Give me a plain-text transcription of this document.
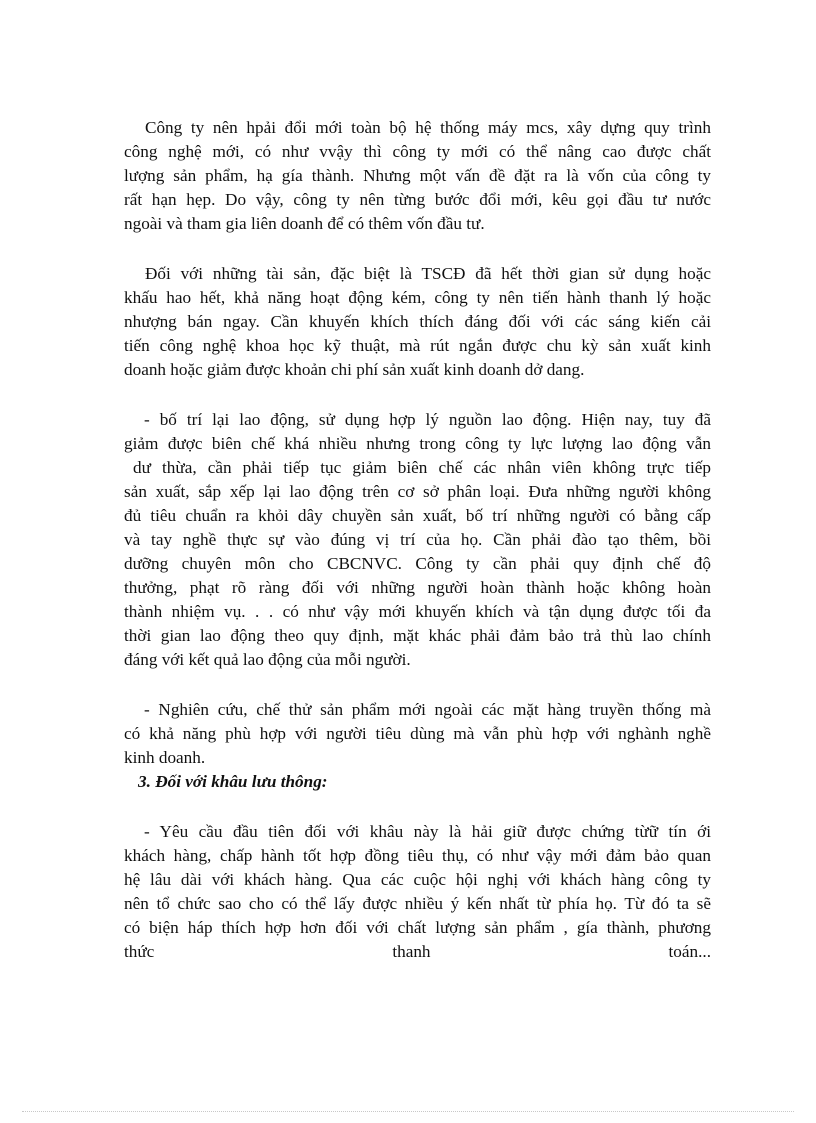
Công ty nên hpải đổi mới toàn bộ hệ thống máy mcs, xây dựng quy trình
công nghệ mới, có như vvậy thì công ty mới có thể nâng cao được chất
lượng sản phẩm, hạ gía thành. Nhưng một vấn đề đặt ra là vốn của công ty
rất hạn hẹp. Do vậy, công ty nên từng bước đổi mới, kêu gọi đầu tư nước
ngoài và tham gia liên doanh để có thêm vốn đầu tư.
Đối với những tài sản, đặc biệt là TSCĐ đã hết thời gian sử dụng hoặc
khấu hao hết, khả năng hoạt động kém, công ty nên tiến hành thanh lý hoặc
nhượng bán ngay. Cần khuyến khích thích đáng đối với các sáng kiến cải
tiến công nghệ khoa học kỹ thuật, mà rút ngắn được chu kỳ sản xuất kinh
doanh hoặc giảm được khoản chi phí sản xuất kinh doanh dở dang.
- bố trí lại lao động, sử dụng hợp lý nguồn lao động. Hiện nay, tuy đã
giảm được biên chế khá nhiều nhưng trong công ty lực lượng lao động vẫn
dư thừa, cần phải tiếp tục giảm biên chế các nhân viên không trực tiếp
sản xuất, sắp xếp lại lao động trên cơ sở phân loại. Đưa những người không
đủ tiêu chuẩn ra khỏi dây chuyền sản xuất, bố trí những người có bằng cấp
và tay nghề thực sự vào đúng vị trí của họ. Cần phải đào tạo thêm, bồi
dưỡng chuyên môn cho CBCNVC. Công ty cần phải quy định chế độ
thưởng, phạt rõ ràng đối với những người hoàn thành hoặc không hoàn
thành nhiệm vụ. . . có như vậy mới khuyến khích và tận dụng được tối đa
thời gian lao động theo quy định, mặt khác phải đảm bảo trả thù lao chính
đáng với kết quả lao động của mỗi người.
- Nghiên cứu, chế thử sản phẩm mới ngoài các mặt hàng truyền thống mà
có khả năng phù hợp với người tiêu dùng mà vẫn phù hợp với nghành nghề
kinh doanh.
3. Đối với khâu lưu thông:
- Yêu cầu đầu tiên đối với khâu này là hải giữ được chứng từữ tín ới
khách hàng, chấp hành tốt hợp đồng tiêu thụ, có như vậy mới đảm bảo quan
hệ lâu dài với khách hàng. Qua các cuộc hội nghị với khách hàng công ty
nên tổ chức sao cho có thể lấy được nhiều ý kến nhất từ phía họ. Từ đó ta sẽ
có biện háp thích hợp hơn đối với chất lượng sản phẩm , gía thành, phương
thức thanh toán...
